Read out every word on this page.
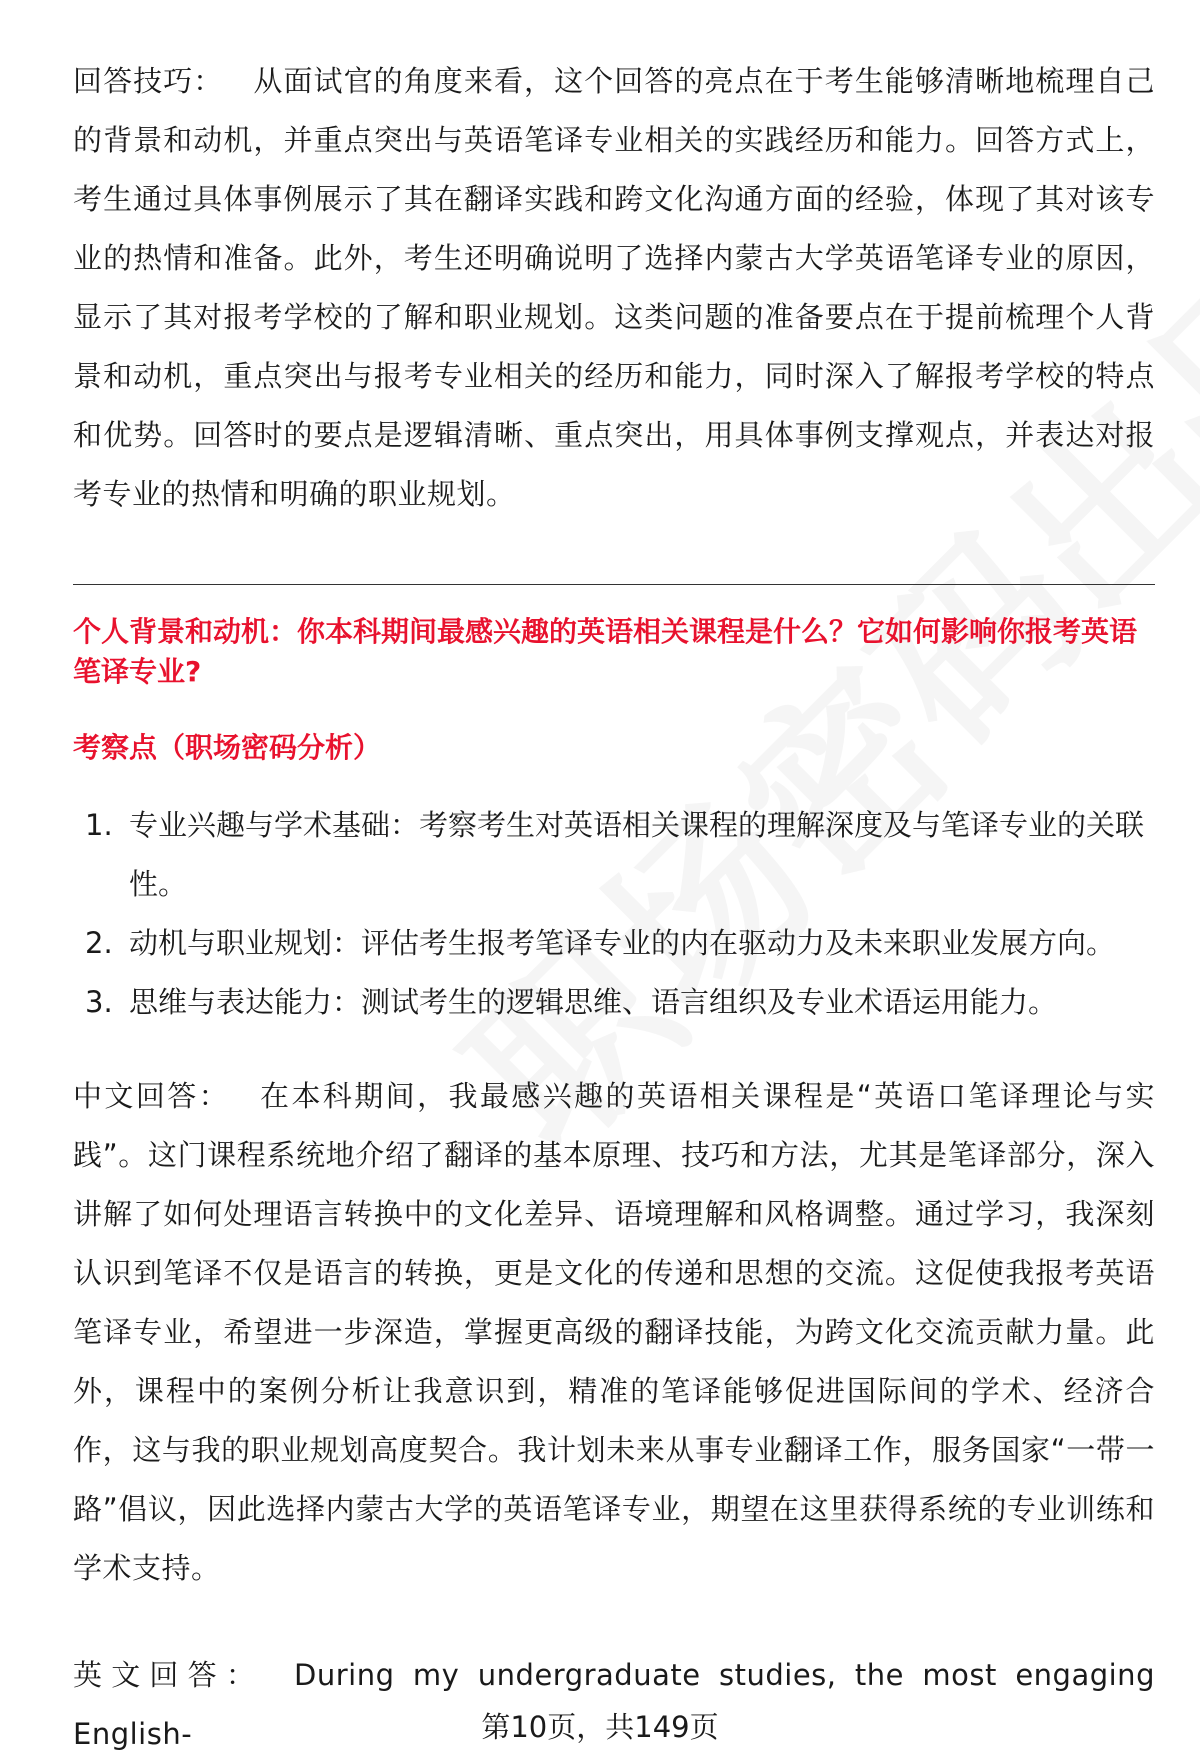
回答技巧： 从面试官的角度来看，这个回答的亮点在于考生能够清晰地梳理自己的背景和动机，并重点突出与英语笔译专业相关的实践经历和能力。回答方式上，考生通过具体事例展示了其在翻译实践和跨文化沟通方面的经验，体现了其对该专业的热情和准备。此外，考生还明确说明了选择内蒙古大学英语笔译专业的原因，显示了其对报考学校的了解和职业规划。这类问题的准备要点在于提前梳理个人背景和动机，重点突出与报考专业相关的经历和能力，同时深入了解报考学校的特点和优势。回答时的要点是逻辑清晰、重点突出，用具体事例支撑观点，并表达对报考专业的热情和明确的职业规划。
个人背景和动机：你本科期间最感兴趣的英语相关课程是什么？它如何影响你报考英语笔译专业?
考察点（职场密码分析）
1. 专业兴趣与学术基础：考察考生对英语相关课程的理解深度及与笔译专业的关联性。
2. 动机与职业规划：评估考生报考笔译专业的内在驱动力及未来职业发展方向。
3. 思维与表达能力：测试考生的逻辑思维、语言组织及专业术语运用能力。
中文回答： 在本科期间，我最感兴趣的英语相关课程是“英语口笔译理论与实践”。这门课程系统地介绍了翻译的基本原理、技巧和方法，尤其是笔译部分，深入讲解了如何处理语言转换中的文化差异、语境理解和风格调整。通过学习，我深刻认识到笔译不仅是语言的转换，更是文化的传递和思想的交流。这促使我报考英语笔译专业，希望进一步深造，掌握更高级的翻译技能，为跨文化交流贡献力量。此外，课程中的案例分析让我意识到，精准的笔译能够促进国际间的学术、经济合作，这与我的职业规划高度契合。我计划未来从事专业翻译工作，服务国家“一带一路”倡议，因此选择内蒙古大学的英语笔译专业，期望在这里获得系统的专业训练和学术支持。
英文回答： During my undergraduate studies, the most engaging English-	第10页，共149页
